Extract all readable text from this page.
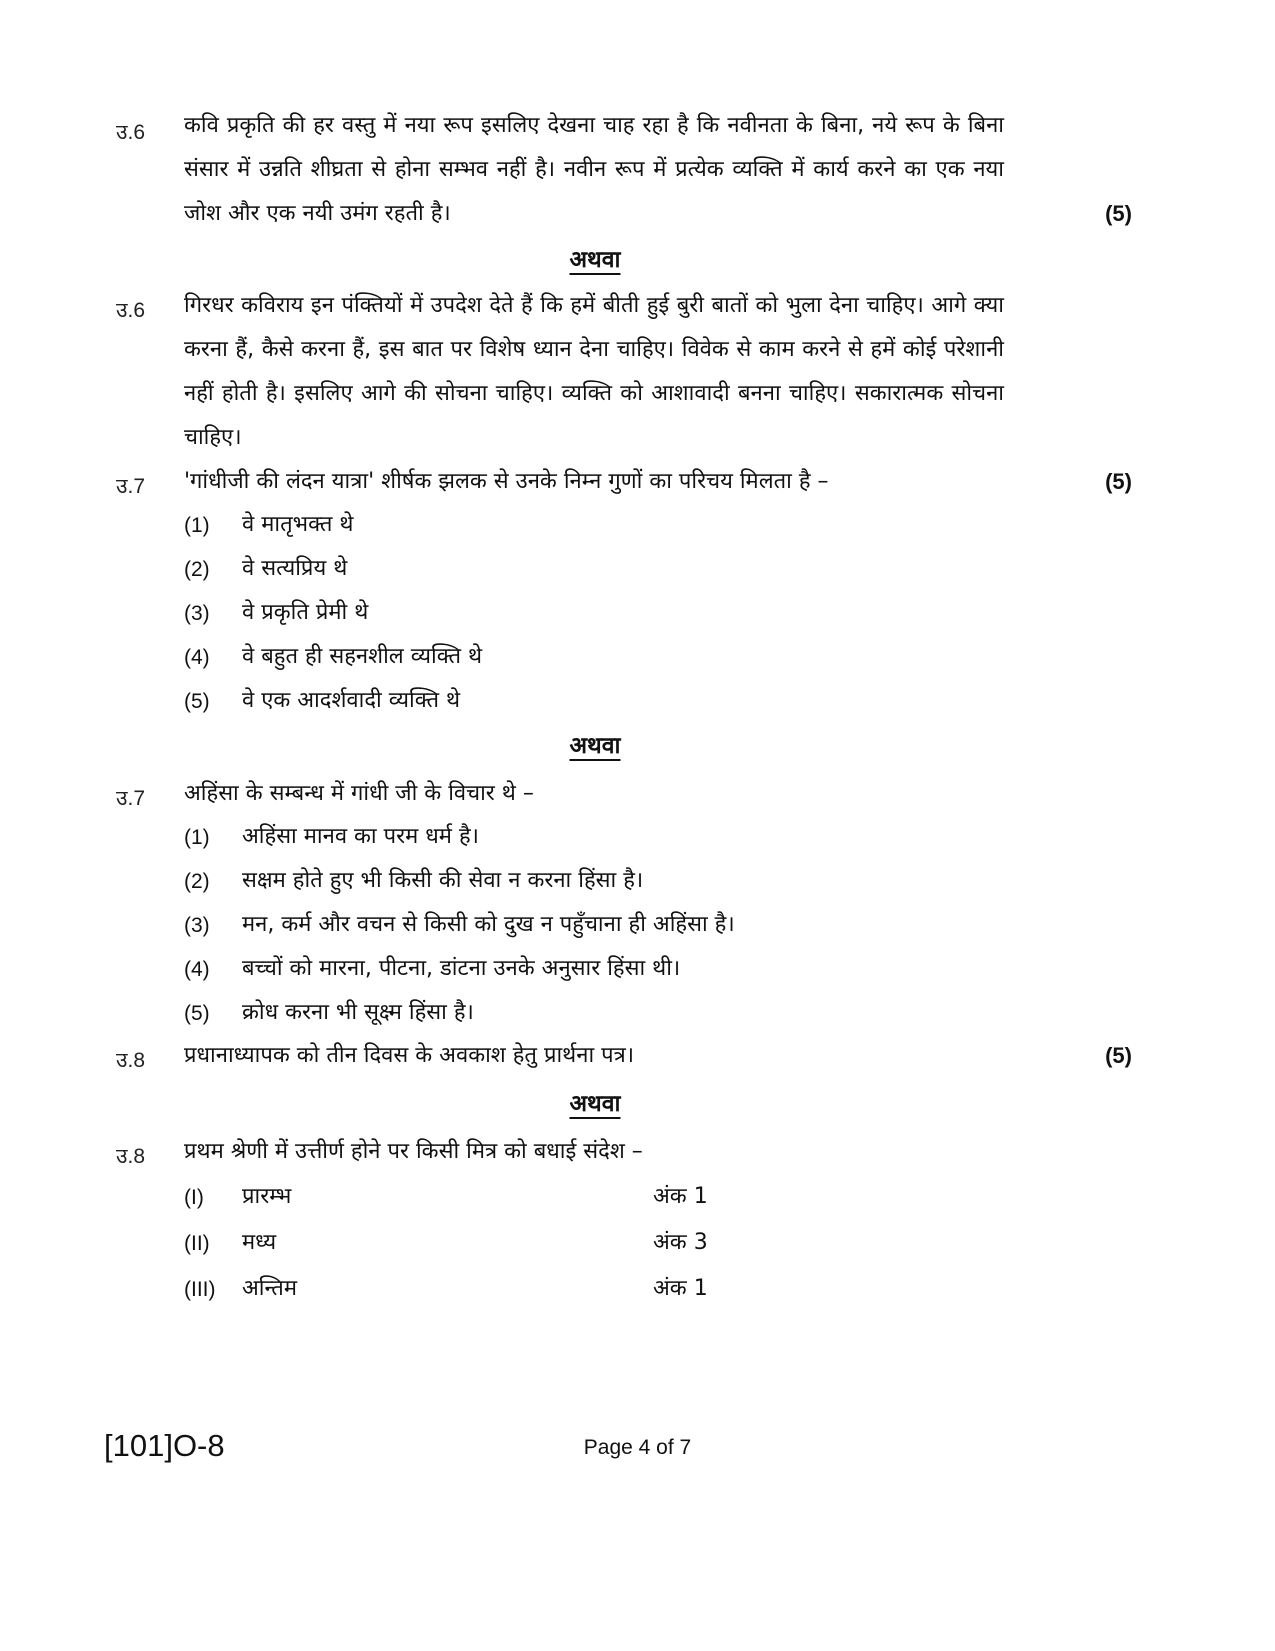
उ.6	कवि प्रकृति की हर वस्तु में नया रूप इसलिए देखना चाह रहा है कि नवीनता के बिना, नये रूप के बिना संसार में उन्नति शीघ्रता से होना सम्भव नहीं है। नवीन रूप में प्रत्येक व्यक्ति में कार्य करने का एक नया जोश और एक नयी उमंग रहती है।	(5)
अथवा
उ.6	गिरधर कविराय इन पंक्तियों में उपदेश देते हैं कि हमें बीती हुई बुरी बातों को भुला देना चाहिए। आगे क्या करना हैं, कैसे करना हैं, इस बात पर विशेष ध्यान देना चाहिए। विवेक से काम करने से हमें कोई परेशानी नहीं होती है। इसलिए आगे की सोचना चाहिए। व्यक्ति को आशावादी बनना चाहिए। सकारात्मक सोचना चाहिए।
उ.7	'गांधीजी की लंदन यात्रा' शीर्षक झलक से उनके निम्न गुणों का परिचय मिलता है –	(5)
(1)	वे मातृभक्त थे
(2)	वे सत्यप्रिय थे
(3)	वे प्रकृति प्रेमी थे
(4)	वे बहुत ही सहनशील व्यक्ति थे
(5)	वे एक आदर्शवादी व्यक्ति थे
अथवा
उ.7	अहिंसा के सम्बन्ध में गांधी जी के विचार थे –
(1)	अहिंसा मानव का परम धर्म है।
(2)	सक्षम होते हुए भी किसी की सेवा न करना हिंसा है।
(3)	मन, कर्म और वचन से किसी को दुख न पहुँचाना ही अहिंसा है।
(4)	बच्चों को मारना, पीटना, डांटना उनके अनुसार हिंसा थी।
(5)	क्रोध करना भी सूक्ष्म हिंसा है।
उ.8	प्रधानाध्यापक को तीन दिवस के अवकाश हेतु प्रार्थना पत्र।	(5)
अथवा
उ.8	प्रथम श्रेणी में उत्तीर्ण होने पर किसी मित्र को बधाई संदेश –
(I)	प्रारम्भ	अंक 1
(II)	मध्य	अंक 3
(III)	अन्तिम	अंक 1
[101]O-8	Page 4 of 7
